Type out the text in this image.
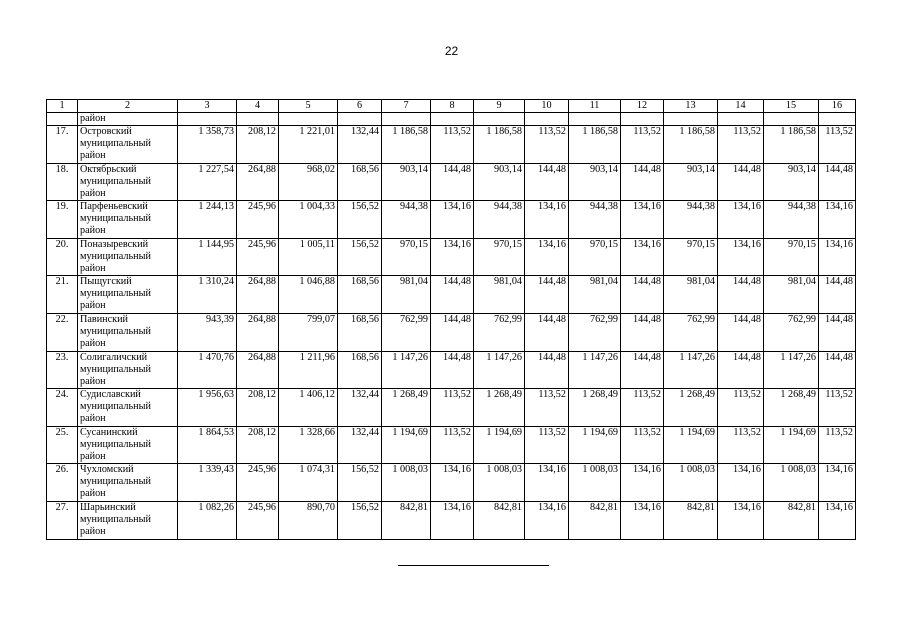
22
1	2	3	4	5	6	7	8	9	10	11	12	13	14	15	16
	район														
17.	Островский муниципальный район	1 358,73	208,12	1 221,01	132,44	1 186,58	113,52	1 186,58	113,52	1 186,58	113,52	1 186,58	113,52	1 186,58	113,52
18.	Октябрьский муниципальный район	1 227,54	264,88	968,02	168,56	903,14	144,48	903,14	144,48	903,14	144,48	903,14	144,48	903,14	144,48
19.	Парфеньевский муниципальный район	1 244,13	245,96	1 004,33	156,52	944,38	134,16	944,38	134,16	944,38	134,16	944,38	134,16	944,38	134,16
20.	Поназыревский муниципальный район	1 144,95	245,96	1 005,11	156,52	970,15	134,16	970,15	134,16	970,15	134,16	970,15	134,16	970,15	134,16
21.	Пыщугский муниципальный район	1 310,24	264,88	1 046,88	168,56	981,04	144,48	981,04	144,48	981,04	144,48	981,04	144,48	981,04	144,48
22.	Павинский муниципальный район	943,39	264,88	799,07	168,56	762,99	144,48	762,99	144,48	762,99	144,48	762,99	144,48	762,99	144,48
23.	Солигаличский муниципальный район	1 470,76	264,88	1 211,96	168,56	1 147,26	144,48	1 147,26	144,48	1 147,26	144,48	1 147,26	144,48	1 147,26	144,48
24.	Судиславский муниципальный район	1 956,63	208,12	1 406,12	132,44	1 268,49	113,52	1 268,49	113,52	1 268,49	113,52	1 268,49	113,52	1 268,49	113,52
25.	Сусанинский муниципальный район	1 864,53	208,12	1 328,66	132,44	1 194,69	113,52	1 194,69	113,52	1 194,69	113,52	1 194,69	113,52	1 194,69	113,52
26.	Чухломский муниципальный район	1 339,43	245,96	1 074,31	156,52	1 008,03	134,16	1 008,03	134,16	1 008,03	134,16	1 008,03	134,16	1 008,03	134,16
27.	Шарьинский муниципальный район	1 082,26	245,96	890,70	156,52	842,81	134,16	842,81	134,16	842,81	134,16	842,81	134,16	842,81	134,16
